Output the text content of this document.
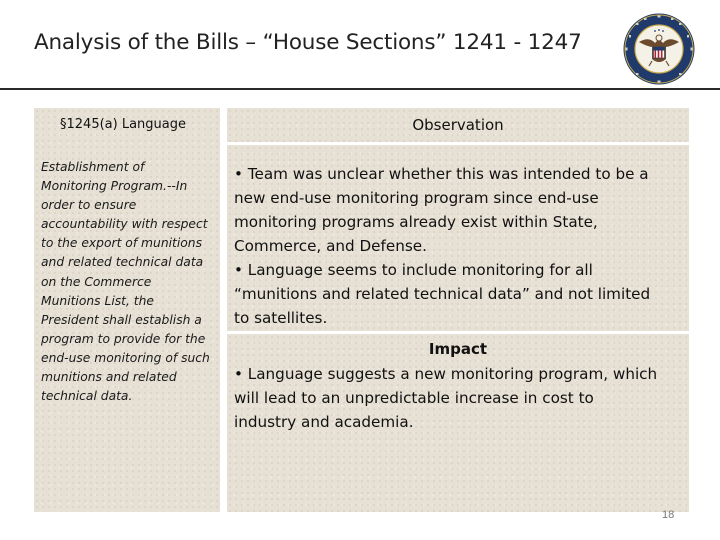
Analysis of the Bills – “House Sections” 1241 - 1247
§1245(a) Language
Establishment of
Monitoring Program.--In
order to ensure
accountability with respect
to the export of munitions
and related technical data
on the Commerce
Munitions List, the
President shall establish a
program to provide for the
end-use monitoring of such
munitions and related
technical data.
Observation
• Team was unclear whether this was intended to be a
new end-use monitoring program since end-use
monitoring programs already exist within State,
Commerce, and Defense.
• Language seems to include monitoring for all
“munitions and related technical data” and not limited
to satellites.
Impact
• Language suggests a new monitoring program, which
will lead to an unpredictable increase in cost to
industry and academia.
18
